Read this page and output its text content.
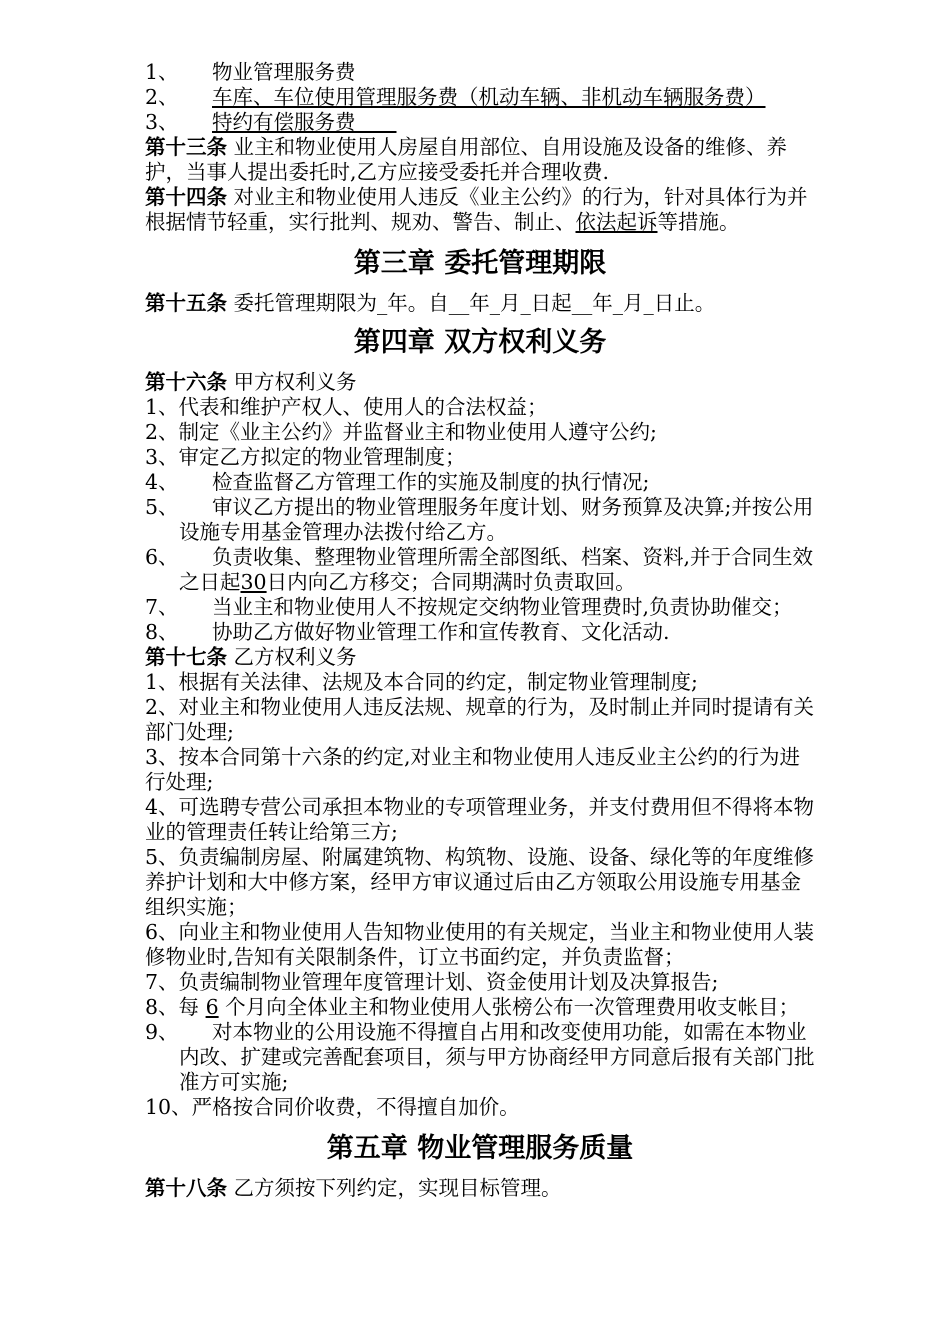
1、 物业管理服务费
2、 车库、车位使用管理服务费（机动车辆、非机动车辆服务费）
3、 特约有偿服务费　　
第十三条 业主和物业使用人房屋自用部位、自用设施及设备的维修、养护，当事人提出委托时,乙方应接受委托并合理收费.
第十四条 对业主和物业使用人违反《业主公约》的行为，针对具体行为并根据情节轻重，实行批判、规劝、警告、制止、依法起诉等措施。
第三章 委托管理期限
第十五条 委托管理期限为_年。自__年_月_日起__年_月_日止。
第四章 双方权利义务
第十六条 甲方权利义务
1、代表和维护产权人、使用人的合法权益；
2、制定《业主公约》并监督业主和物业使用人遵守公约;
3、审定乙方拟定的物业管理制度；
4、 检查监督乙方管理工作的实施及制度的执行情况;
5、 审议乙方提出的物业管理服务年度计划、财务预算及决算;并按公用设施专用基金管理办法拨付给乙方。
6、 负责收集、整理物业管理所需全部图纸、档案、资料,并于合同生效之日起30日内向乙方移交；合同期满时负责取回。
7、 当业主和物业使用人不按规定交纳物业管理费时,负责协助催交；
8、 协助乙方做好物业管理工作和宣传教育、文化活动.
第十七条 乙方权利义务
1、根据有关法律、法规及本合同的约定，制定物业管理制度;
2、对业主和物业使用人违反法规、规章的行为，及时制止并同时提请有关部门处理;
3、按本合同第十六条的约定,对业主和物业使用人违反业主公约的行为进行处理;
4、可选聘专营公司承担本物业的专项管理业务，并支付费用但不得将本物业的管理责任转让给第三方;
5、负责编制房屋、附属建筑物、构筑物、设施、设备、绿化等的年度维修养护计划和大中修方案，经甲方审议通过后由乙方领取公用设施专用基金组织实施；
6、向业主和物业使用人告知物业使用的有关规定，当业主和物业使用人装修物业时,告知有关限制条件，订立书面约定，并负责监督；
7、负责编制物业管理年度管理计划、资金使用计划及决算报告;
8、每 6 个月向全体业主和物业使用人张榜公布一次管理费用收支帐目；
9、 对本物业的公用设施不得擅自占用和改变使用功能，如需在本物业内改、扩建或完善配套项目，须与甲方协商经甲方同意后报有关部门批准方可实施;
10、严格按合同价收费，不得擅自加价。
第五章 物业管理服务质量
第十八条 乙方须按下列约定，实现目标管理。
